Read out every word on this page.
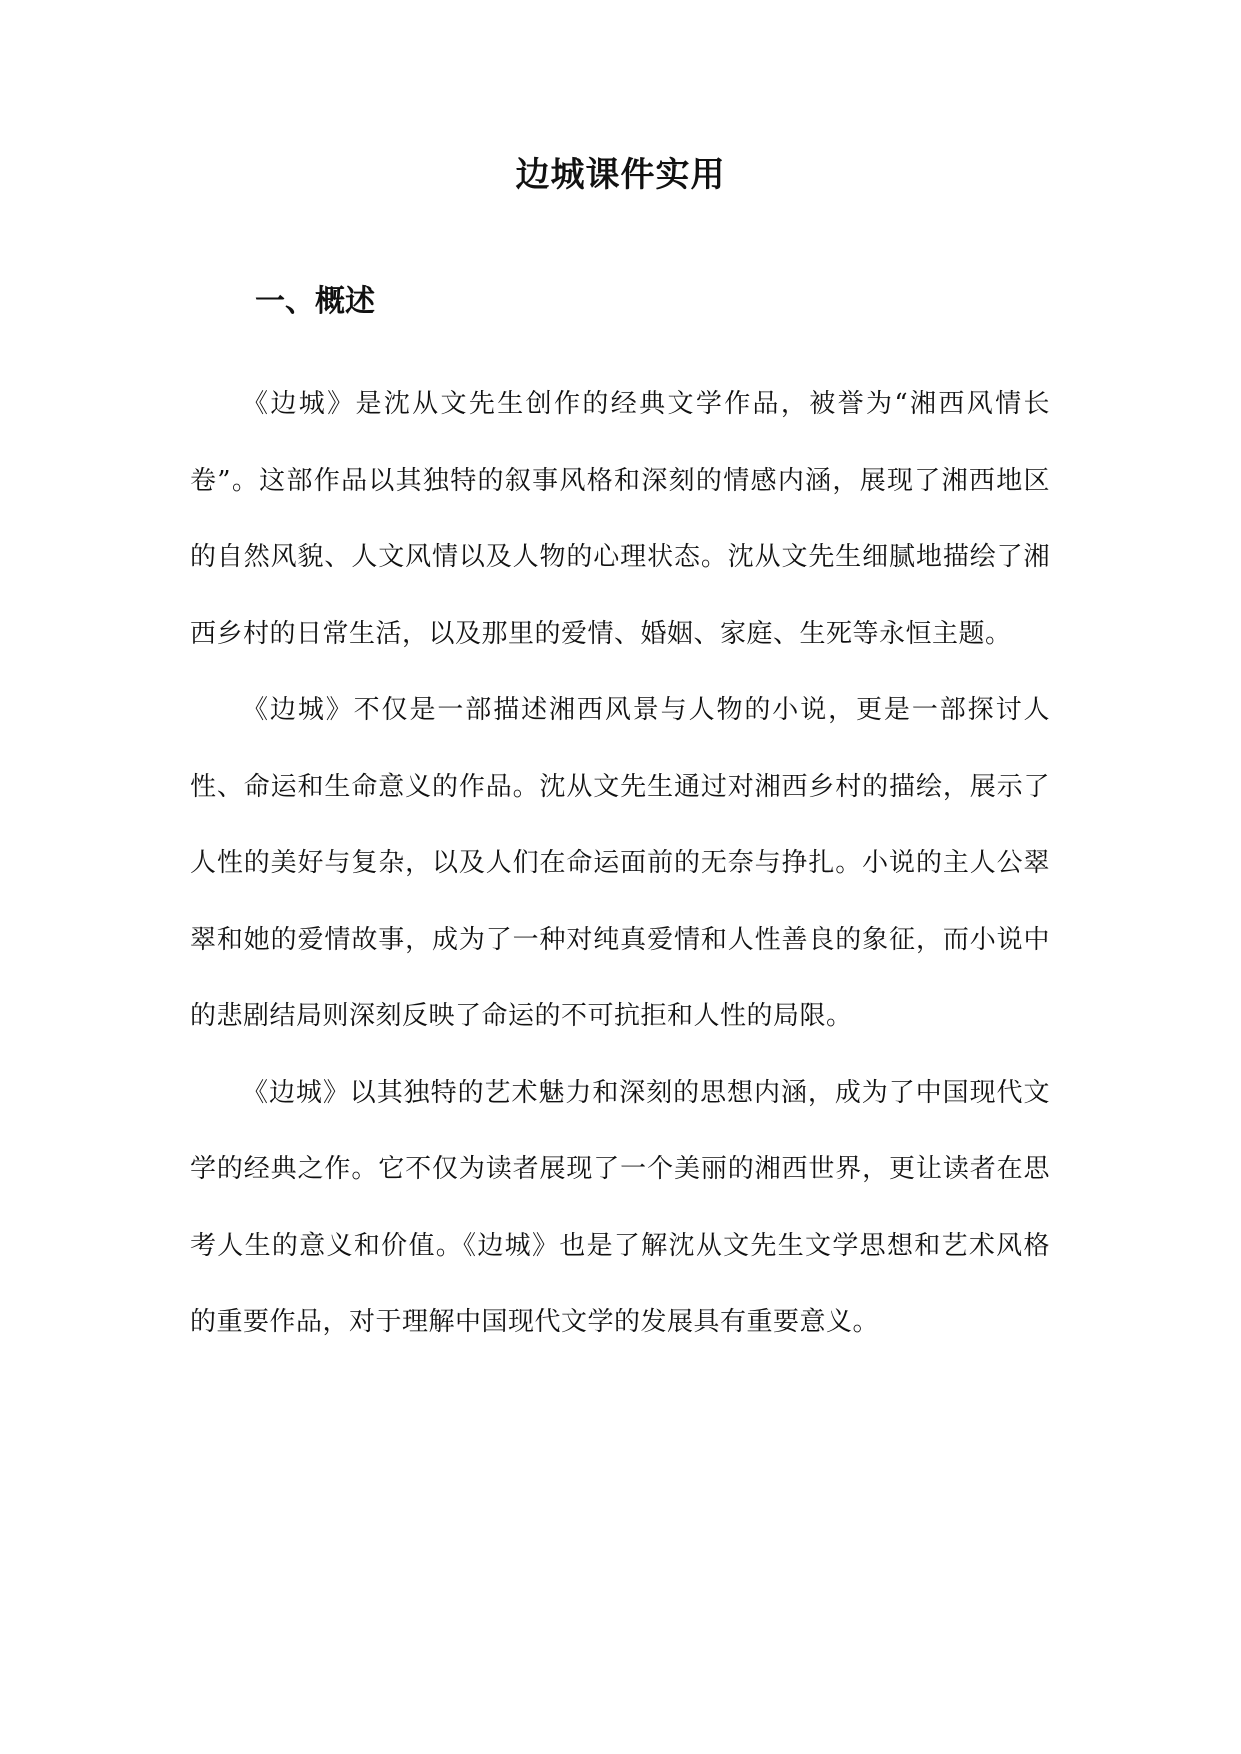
边城课件实用
一、概述

《边城》是沈从文先生创作的经典文学作品，被誉为“湘西风情长卷”。这部作品以其独特的叙事风格和深刻的情感内涵，展现了湘西地区的自然风貌、人文风情以及人物的心理状态。沈从文先生细腻地描绘了湘西乡村的日常生活，以及那里的爱情、婚姻、家庭、生死等永恒主题。

《边城》不仅是一部描述湘西风景与人物的小说，更是一部探讨人性、命运和生命意义的作品。沈从文先生通过对湘西乡村的描绘，展示了人性的美好与复杂，以及人们在命运面前的无奈与挣扎。小说的主人公翠翠和她的爱情故事，成为了一种对纯真爱情和人性善良的象征，而小说中的悲剧结局则深刻反映了命运的不可抗拒和人性的局限。

《边城》以其独特的艺术魅力和深刻的思想内涵，成为了中国现代文学的经典之作。它不仅为读者展现了一个美丽的湘西世界，更让读者在思考人生的意义和价值。《边城》也是了解沈从文先生文学思想和艺术风格的重要作品，对于理解中国现代文学的发展具有重要意义。
